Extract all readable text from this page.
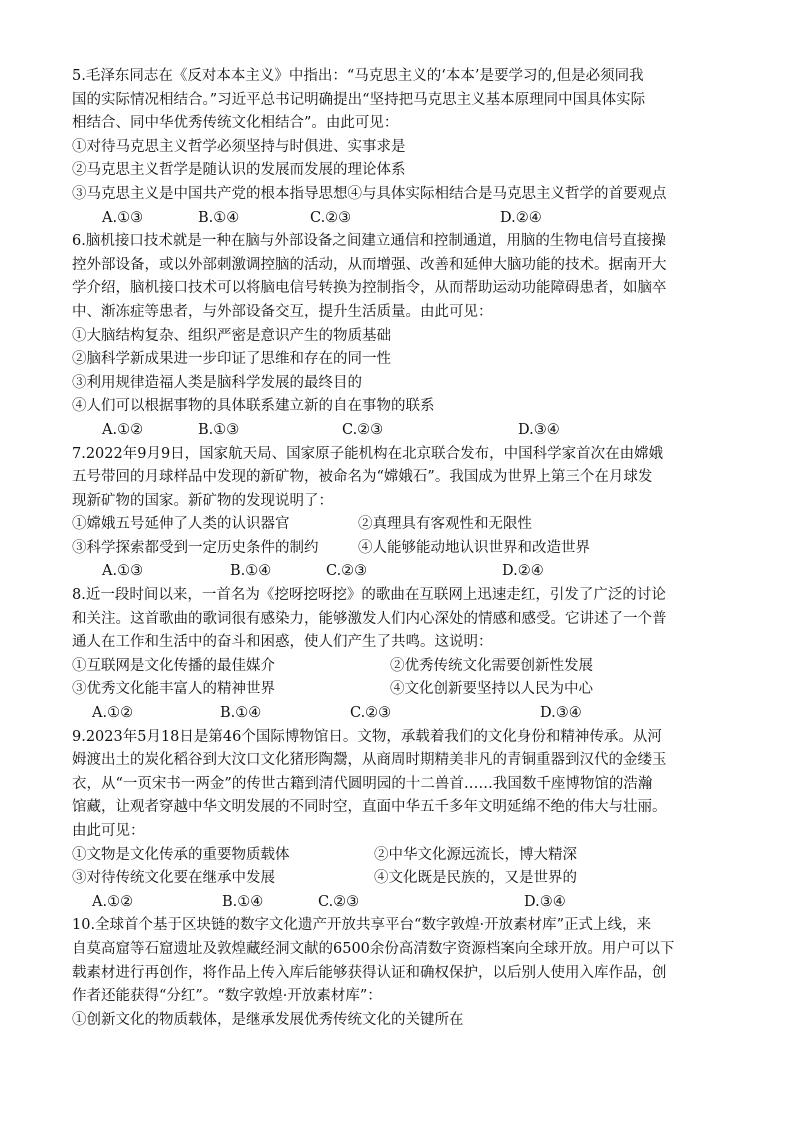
5.毛泽东同志在《反对本本主义》中指出：“马克思主义的‘本本’是要学习的,但是必须同我
国的实际情况相结合。”习近平总书记明确提出“坚持把马克思主义基本原理同中国具体实际
相结合、同中华优秀传统文化相结合”。由此可见：
①对待马克思主义哲学必须坚持与时俱进、实事求是
②马克思主义哲学是随认识的发展而发展的理论体系
③马克思主义是中国共产党的根本指导思想④与具体实际相结合是马克思主义哲学的首要观点
A.①③	B.①④	C.②③	D.②④
6.脑机接口技术就是一种在脑与外部设备之间建立通信和控制通道，用脑的生物电信号直接操
控外部设备，或以外部刺激调控脑的活动，从而增强、改善和延伸大脑功能的技术。据南开大
学介绍，脑机接口技术可以将脑电信号转换为控制指令，从而帮助运动功能障碍患者，如脑卒
中、渐冻症等患者，与外部设备交互，提升生活质量。由此可见：
①大脑结构复杂、组织严密是意识产生的物质基础
②脑科学新成果进一步印证了思维和存在的同一性
③利用规律造福人类是脑科学发展的最终目的
④人们可以根据事物的具体联系建立新的自在事物的联系
A.①②	B.①③	C.②③	D.③④
7.2022年9月9日，国家航天局、国家原子能机构在北京联合发布，中国科学家首次在由嫦娥
五号带回的月球样品中发现的新矿物，被命名为“嫦娥石”。我国成为世界上第三个在月球发
现新矿物的国家。新矿物的发现说明了：
①嫦娥五号延伸了人类的认识器官	②真理具有客观性和无限性
③科学探索都受到一定历史条件的制约	④人能够能动地认识世界和改造世界
A.①③	B.①④	C.②③	D.②④
8.近一段时间以来，一首名为《挖呀挖呀挖》的歌曲在互联网上迅速走红，引发了广泛的讨论
和关注。这首歌曲的歌词很有感染力，能够激发人们内心深处的情感和感受。它讲述了一个普
通人在工作和生活中的奋斗和困惑，使人们产生了共鸣。这说明：
①互联网是文化传播的最佳媒介	②优秀传统文化需要创新性发展
③优秀文化能丰富人的精神世界	④文化创新要坚持以人民为中心
A.①②	B.①④	C.②③	D.③④
9.2023年5月18日是第46个国际博物馆日。文物，承载着我们的文化身份和精神传承。从河
姆渡出土的炭化稻谷到大汶口文化猪形陶鬶，从商周时期精美非凡的青铜重器到汉代的金缕玉
衣，从“一页宋书一两金”的传世古籍到清代圆明园的十二兽首……我国数千座博物馆的浩瀚
馆藏，让观者穿越中华文明发展的不同时空，直面中华五千多年文明延绵不绝的伟大与壮丽。
由此可见：
①文物是文化传承的重要物质载体	②中华文化源远流长，博大精深
③对待传统文化要在继承中发展	④文化既是民族的，又是世界的
A.①②	B.①④	C.②③	D.③④
10.全球首个基于区块链的数字文化遗产开放共享平台“数字敦煌·开放素材库”正式上线，来
自莫高窟等石窟遗址及敦煌藏经洞文献的6500余份高清数字资源档案向全球开放。用户可以下
载素材进行再创作，将作品上传入库后能够获得认证和确权保护，以后别人使用入库作品，创
作者还能获得“分红”。“数字敦煌·开放素材库”：
①创新文化的物质载体，是继承发展优秀传统文化的关键所在
